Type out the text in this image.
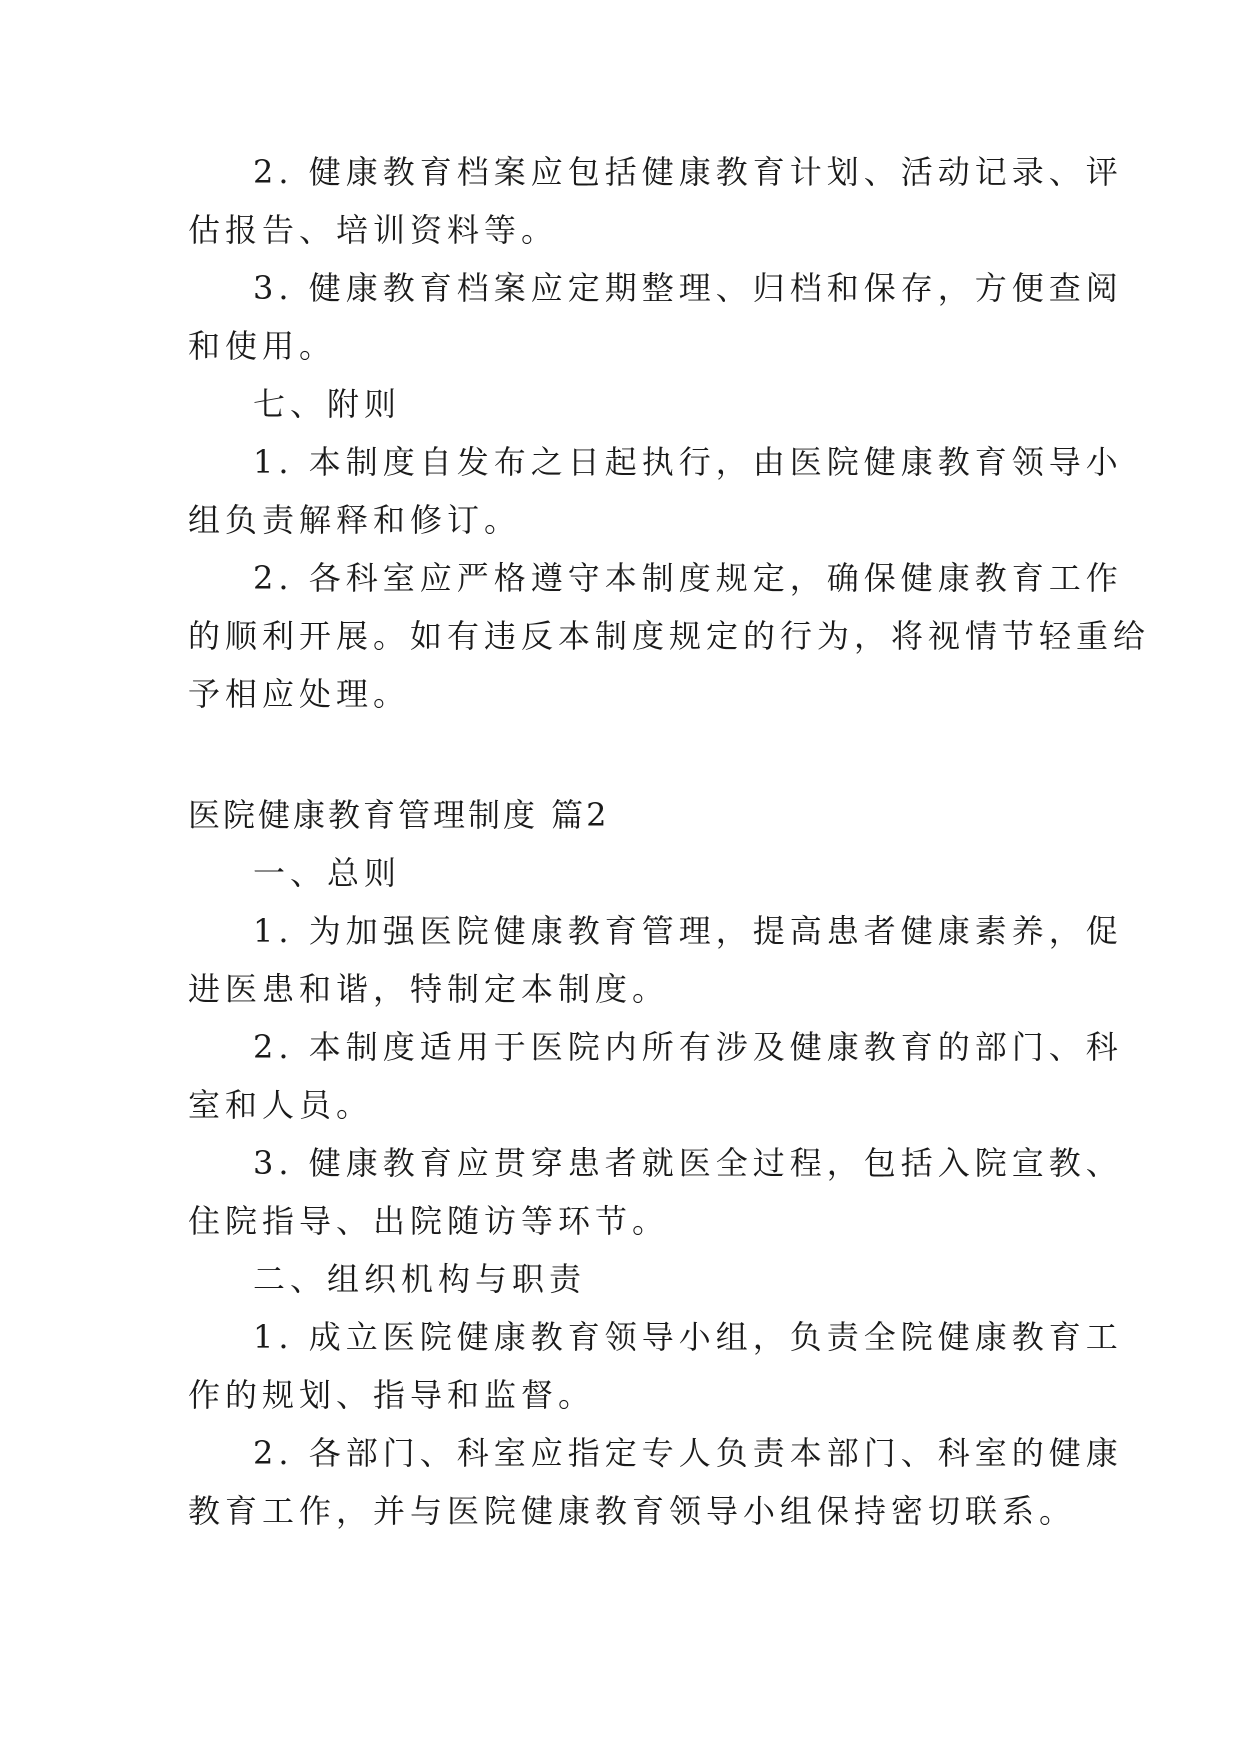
2. 健康教育档案应包括健康教育计划、活动记录、评
估报告、培训资料等。
3. 健康教育档案应定期整理、归档和保存，方便查阅
和使用。
七、附则
1. 本制度自发布之日起执行，由医院健康教育领导小
组负责解释和修订。
2. 各科室应严格遵守本制度规定，确保健康教育工作
的顺利开展。如有违反本制度规定的行为，将视情节轻重给
予相应处理。
医院健康教育管理制度 篇2
一、总则
1. 为加强医院健康教育管理，提高患者健康素养，促
进医患和谐，特制定本制度。
2. 本制度适用于医院内所有涉及健康教育的部门、科
室和人员。
3. 健康教育应贯穿患者就医全过程，包括入院宣教、
住院指导、出院随访等环节。
二、组织机构与职责
1. 成立医院健康教育领导小组，负责全院健康教育工
作的规划、指导和监督。
2. 各部门、科室应指定专人负责本部门、科室的健康
教育工作，并与医院健康教育领导小组保持密切联系。
